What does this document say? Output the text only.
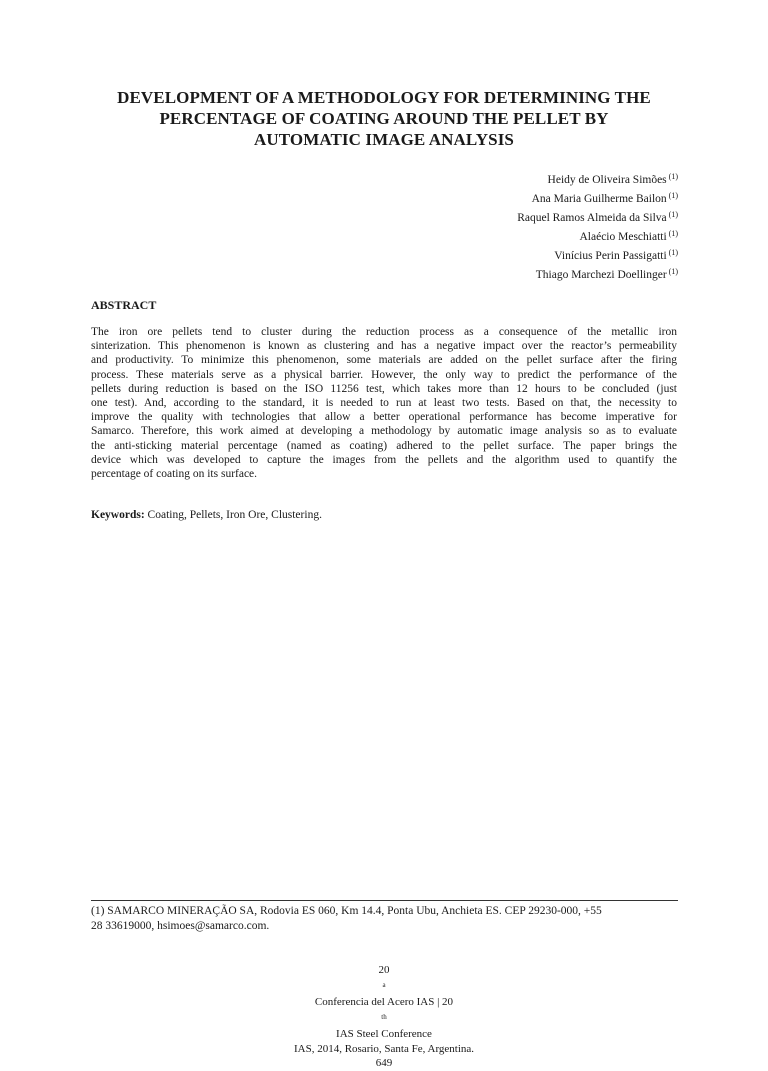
DEVELOPMENT OF A METHODOLOGY FOR DETERMINING THE
PERCENTAGE OF COATING AROUND THE PELLET BY
AUTOMATIC IMAGE ANALYSIS
Heidy de Oliveira Simões $^{(1)}$
Ana Maria Guilherme Bailon $^{(1)}$
Raquel Ramos Almeida da Silva $^{(1)}$
Alaécio Meschiatti $^{(1)}$
Vinícius Perin Passigatti $^{(1)}$
Thiago Marchezi Doellinger $^{(1)}$
ABSTRACT
The iron ore pellets tend to cluster during the reduction process as a consequence of the metallic iron
sinterization. This phenomenon is known as clustering and has a negative impact over the reactor’s permeability
and productivity. To minimize this phenomenon, some materials are added on the pellet surface after the firing
process. These materials serve as a physical barrier. However, the only way to predict the performance of the
pellets during reduction is based on the ISO 11256 test, which takes more than 12 hours to be concluded (just
one test). And, according to the standard, it is needed to run at least two tests. Based on that, the necessity to
improve the quality with technologies that allow a better operational performance has become imperative for
Samarco. Therefore, this work aimed at developing a methodology by automatic image analysis so as to evaluate
the anti-sticking material percentage (named as coating) adhered to the pellet surface. The paper brings the
device which was developed to capture the images from the pellets and the algorithm used to quantify the
percentage of coating on its surface.
Keywords: Coating, Pellets, Iron Ore, Clustering.
(1) SAMARCO MINERAÇÃO SA, Rodovia ES 060, Km 14.4, Ponta Ubu, Anchieta ES. CEP 29230-000, +55
28 33619000, hsimoes@samarco.com.
20
$^a$
Conferencia del Acero IAS | 20
$^{th}$
IAS Steel Conference
IAS, 2014, Rosario, Santa Fe, Argentina.
649
